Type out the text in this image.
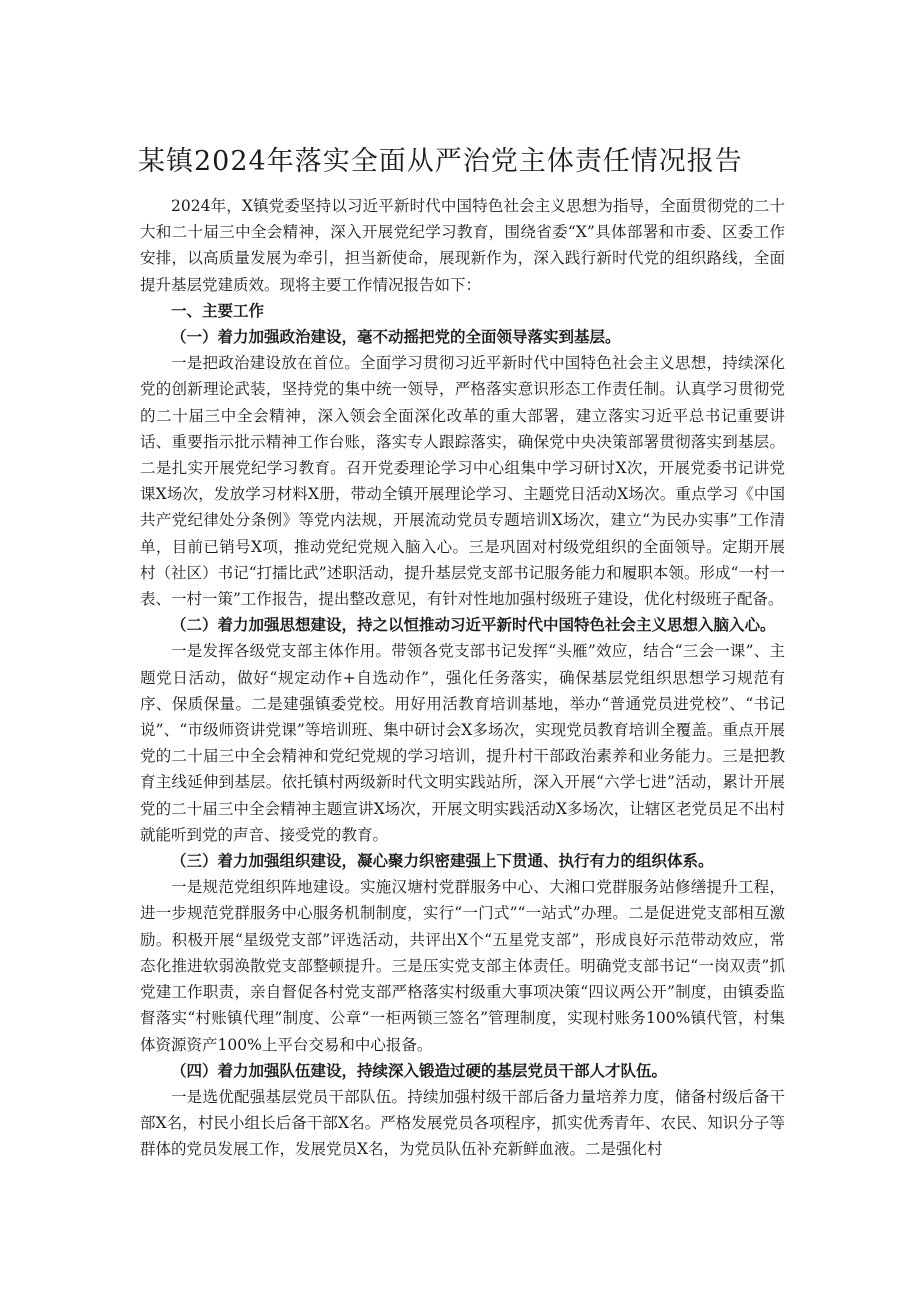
某镇2024年落实全面从严治党主体责任情况报告

2024年，X镇党委坚持以习近平新时代中国特色社会主义思想为指导，全面贯彻党的二十大和二十届三中全会精神，深入开展党纪学习教育，围绕省委“X”具体部署和市委、区委工作安排，以高质量发展为牵引，担当新使命，展现新作为，深入践行新时代党的组织路线，全面提升基层党建质效。现将主要工作情况报告如下：

一、主要工作

（一）着力加强政治建设，毫不动摇把党的全面领导落实到基层。

一是把政治建设放在首位。全面学习贯彻习近平新时代中国特色社会主义思想，持续深化党的创新理论武装，坚持党的集中统一领导，严格落实意识形态工作责任制。认真学习贯彻党的二十届三中全会精神，深入领会全面深化改革的重大部署，建立落实习近平总书记重要讲话、重要指示批示精神工作台账，落实专人跟踪落实，确保党中央决策部署贯彻落实到基层。二是扎实开展党纪学习教育。召开党委理论学习中心组集中学习研讨X次，开展党委书记讲党课X场次，发放学习材料X册，带动全镇开展理论学习、主题党日活动X场次。重点学习《中国共产党纪律处分条例》等党内法规，开展流动党员专题培训X场次，建立“为民办实事”工作清单，目前已销号X项，推动党纪党规入脑入心。三是巩固对村级党组织的全面领导。定期开展村（社区）书记“打擂比武”述职活动，提升基层党支部书记服务能力和履职本领。形成“一村一表、一村一策”工作报告，提出整改意见，有针对性地加强村级班子建设，优化村级班子配备。

（二）着力加强思想建设，持之以恒推动习近平新时代中国特色社会主义思想入脑入心。

一是发挥各级党支部主体作用。带领各党支部书记发挥“头雁”效应，结合“三会一课”、主题党日活动，做好“规定动作+自选动作”，强化任务落实，确保基层党组织思想学习规范有序、保质保量。二是建强镇委党校。用好用活教育培训基地，举办“普通党员进党校”、“书记说”、“市级师资讲党课”等培训班、集中研讨会X多场次，实现党员教育培训全覆盖。重点开展党的二十届三中全会精神和党纪党规的学习培训，提升村干部政治素养和业务能力。三是把教育主线延伸到基层。依托镇村两级新时代文明实践站所，深入开展“六学七进”活动，累计开展党的二十届三中全会精神主题宣讲X场次，开展文明实践活动X多场次，让辖区老党员足不出村就能听到党的声音、接受党的教育。

（三）着力加强组织建设，凝心聚力织密建强上下贯通、执行有力的组织体系。

一是规范党组织阵地建设。实施汉塘村党群服务中心、大湘口党群服务站修缮提升工程，进一步规范党群服务中心服务机制制度，实行“一门式”“一站式”办理。二是促进党支部相互激励。积极开展“星级党支部”评选活动，共评出X个“五星党支部”，形成良好示范带动效应，常态化推进软弱涣散党支部整顿提升。三是压实党支部主体责任。明确党支部书记“一岗双责”抓党建工作职责，亲自督促各村党支部严格落实村级重大事项决策“四议两公开”制度，由镇委监督落实“村账镇代理”制度、公章“一柜两锁三签名”管理制度，实现村账务100%镇代管，村集体资源资产100%上平台交易和中心报备。

（四）着力加强队伍建设，持续深入锻造过硬的基层党员干部人才队伍。

一是选优配强基层党员干部队伍。持续加强村级干部后备力量培养力度，储备村级后备干部X名，村民小组长后备干部X名。严格发展党员各项程序，抓实优秀青年、农民、知识分子等群体的党员发展工作，发展党员X名，为党员队伍补充新鲜血液。二是强化村
